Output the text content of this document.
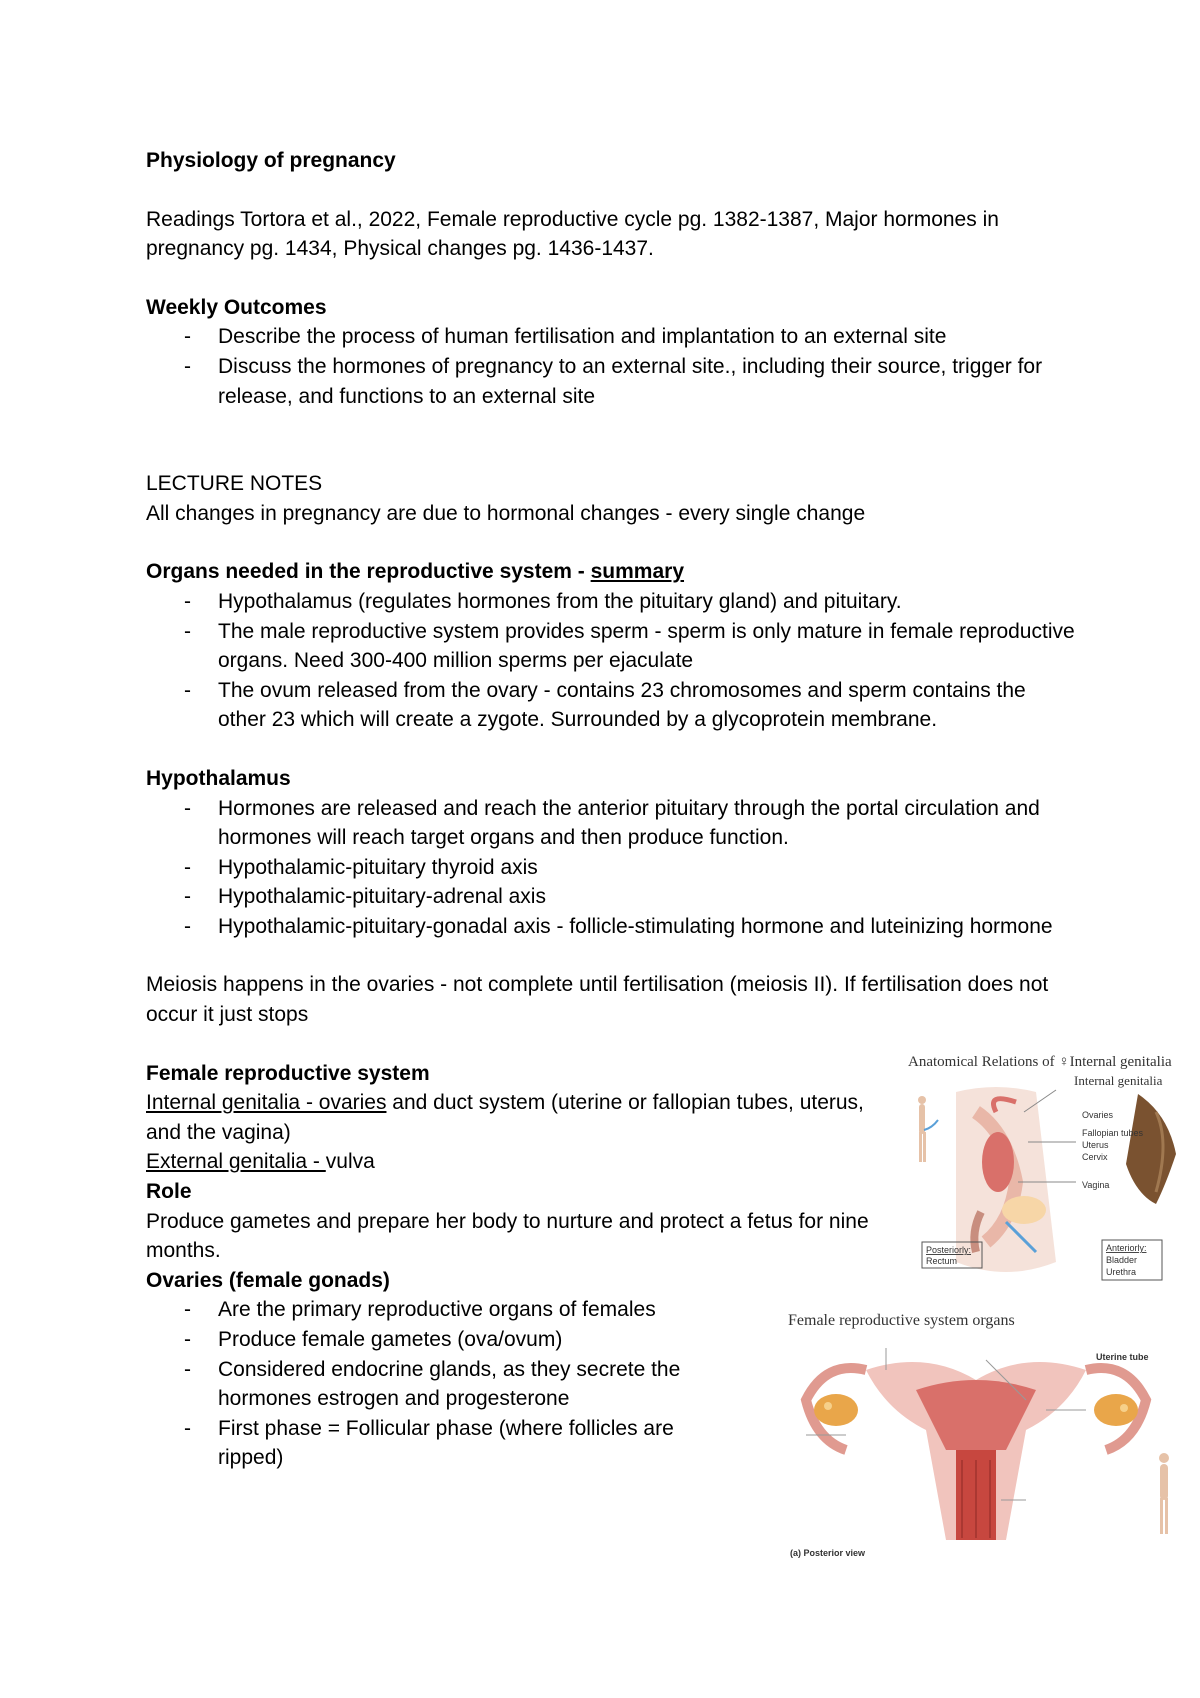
Physiology of pregnancy
Readings Tortora et al., 2022, Female reproductive cycle pg. 1382-1387, Major hormones in pregnancy pg. 1434, Physical changes pg. 1436-1437.
Weekly Outcomes
- Describe the process of human fertilisation and implantation to an external site
- Discuss the hormones of pregnancy to an external site., including their source, trigger for release, and functions to an external site
LECTURE NOTES
All changes in pregnancy are due to hormonal changes - every single change
Organs needed in the reproductive system - summary
- Hypothalamus (regulates hormones from the pituitary gland) and pituitary.
- The male reproductive system provides sperm - sperm is only mature in female reproductive organs. Need 300-400 million sperms per ejaculate
- The ovum released from the ovary - contains 23 chromosomes and sperm contains the other 23 which will create a zygote. Surrounded by a glycoprotein membrane.
Hypothalamus
- Hormones are released and reach the anterior pituitary through the portal circulation and hormones will reach target organs and then produce function.
- Hypothalamic-pituitary thyroid axis
- Hypothalamic-pituitary-adrenal axis
- Hypothalamic-pituitary-gonadal axis - follicle-stimulating hormone and luteinizing hormone
Meiosis happens in the ovaries - not complete until fertilisation (meiosis II). If fertilisation does not occur it just stops
Female reproductive system
Internal genitalia - ovaries and duct system (uterine or fallopian tubes, uterus, and the vagina)
External genitalia - vulva
Role
Produce gametes and prepare her body to nurture and protect a fetus for nine months.
Ovaries (female gonads)
- Are the primary reproductive organs of females
- Produce female gametes (ova/ovum)
- Considered endocrine glands, as they secrete the hormones estrogen and progesterone
- First phase = Follicular phase (where follicles are ripped)
Anatomical Relations of ♀Internal genitalia
Internal genitalia
Ovaries
Fallopian tubes
Uterus
Cervix
Vagina
Posteriorly:
Rectum
Anteriorly:
Bladder
Urethra
Female reproductive system organs
Uterine tube
(a) Posterior view
